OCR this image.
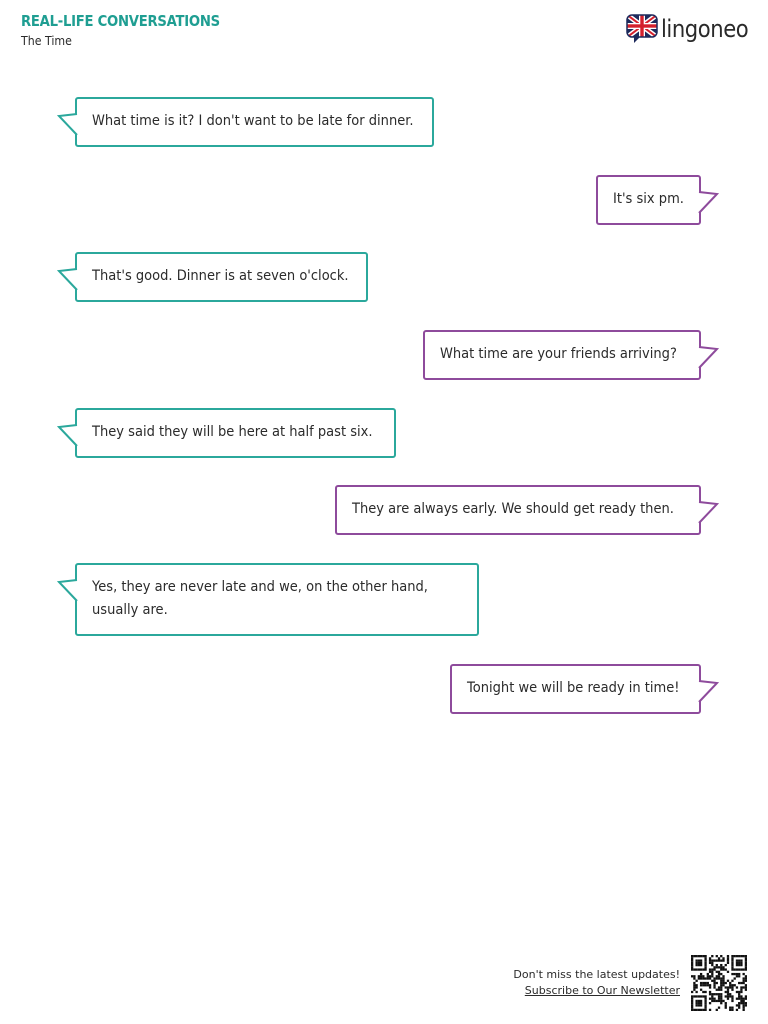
REAL-LIFE CONVERSATIONS
The Time	lingoneo
What time is it? I don't want to be late for dinner.
It's six pm.
That's good. Dinner is at seven o'clock.
What time are your friends arriving?
They said they will be here at half past six.
They are always early. We should get ready then.
Yes, they are never late and we, on the other hand,
usually are.
Tonight we will be ready in time!
Don't miss the latest updates!
Subscribe to Our Newsletter
